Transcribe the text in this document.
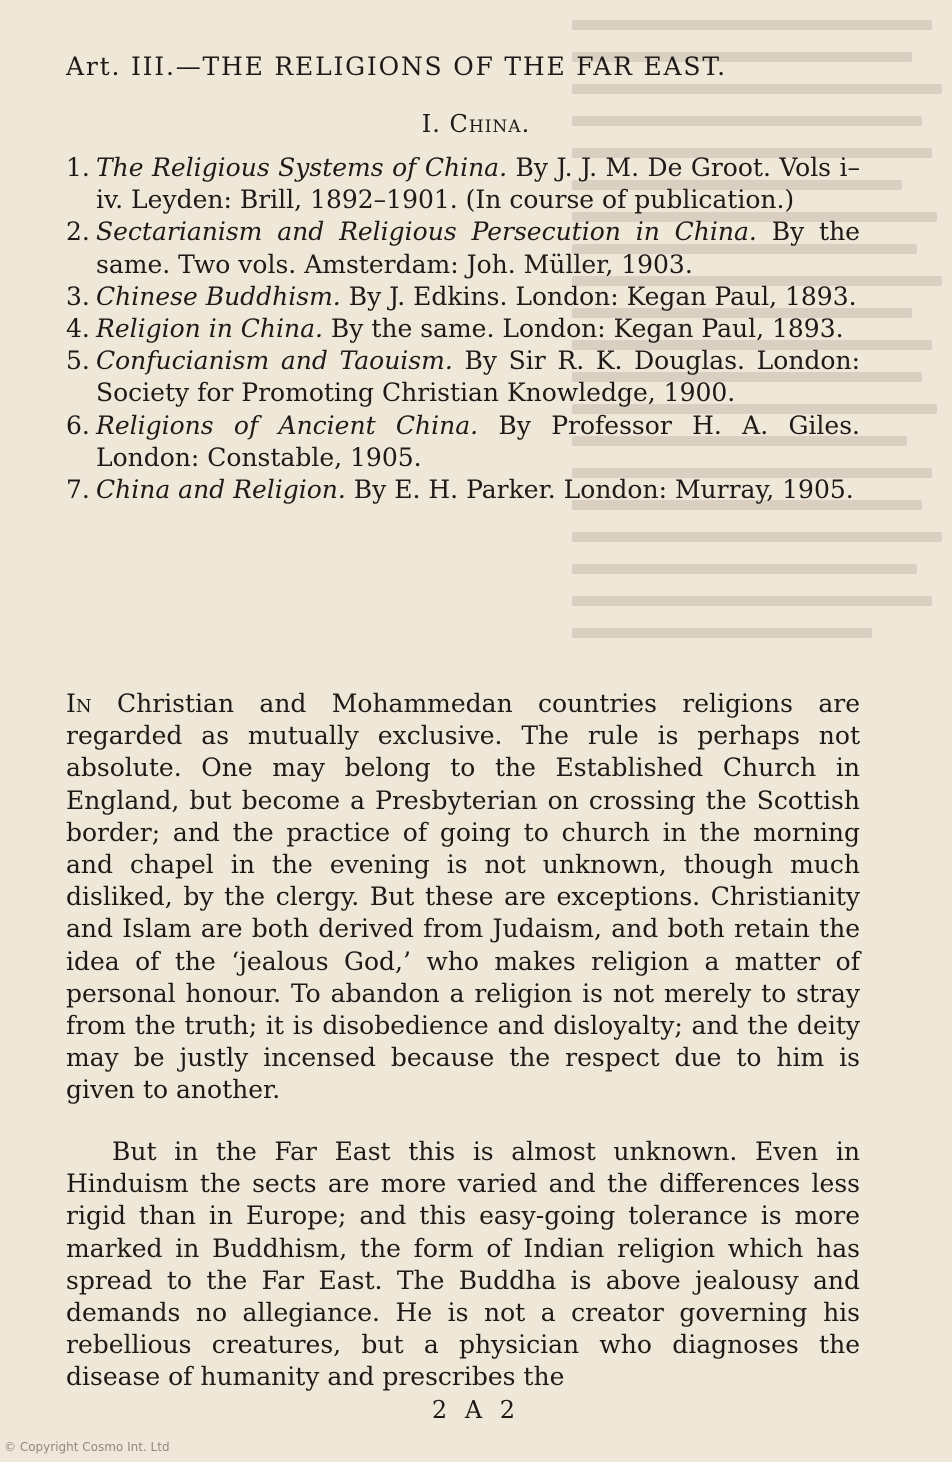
Art. III.—THE RELIGIONS OF THE FAR EAST.
I. China.
1. The Religious Systems of China. By J. J. M. De Groot. Vols i–iv. Leyden: Brill, 1892–1901. (In course of publication.)
2. Sectarianism and Religious Persecution in China. By the same. Two vols. Amsterdam: Joh. Müller, 1903.
3. Chinese Buddhism. By J. Edkins. London: Kegan Paul, 1893.
4. Religion in China. By the same. London: Kegan Paul, 1893.
5. Confucianism and Taouism. By Sir R. K. Douglas. London: Society for Promoting Christian Knowledge, 1900.
6. Religions of Ancient China. By Professor H. A. Giles. London: Constable, 1905.
7. China and Religion. By E. H. Parker. London: Murray, 1905.
In Christian and Mohammedan countries religions are regarded as mutually exclusive. The rule is perhaps not absolute. One may belong to the Established Church in England, but become a Presbyterian on crossing the Scottish border; and the practice of going to church in the morning and chapel in the evening is not unknown, though much disliked, by the clergy. But these are exceptions. Christianity and Islam are both derived from Judaism, and both retain the idea of the ‘jealous God,’ who makes religion a matter of personal honour. To abandon a religion is not merely to stray from the truth; it is disobedience and disloyalty; and the deity may be justly incensed because the respect due to him is given to another.
But in the Far East this is almost unknown. Even in Hinduism the sects are more varied and the differences less rigid than in Europe; and this easy-going tolerance is more marked in Buddhism, the form of Indian religion which has spread to the Far East. The Buddha is above jealousy and demands no allegiance. He is not a creator governing his rebellious creatures, but a physician who diagnoses the disease of humanity and prescribes the
2 A 2
© Copyright Cosmo Int. Ltd
